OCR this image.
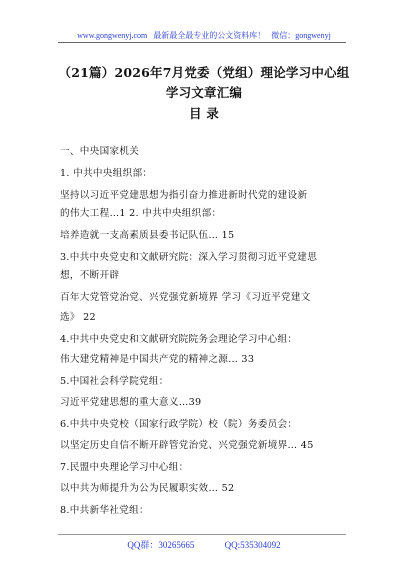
www.gongwenyj.com 最新最全最专业的公文资料库！ 微信：gongwenyj
（21篇）2026年7月党委（党组）理论学习中心组
学习文章汇编
目 录
一、中央国家机关
1. 中共中央组织部：
坚持以习近平党建思想为指引奋力推进新时代党的建设新
的伟大工程…1 2. 中共中央组织部：
培养造就一支高素质县委书记队伍… 15
3.中共中央党史和文献研究院：深入学习贯彻习近平党建思
想，不断开辟
百年大党管党治党、兴党强党新境界 学习《习近平党建文
选》 22
4.中共中央党史和文献研究院院务会理论学习中心组：
伟大建党精神是中国共产党的精神之源… 33
5.中国社会科学院党组：
习近平党建思想的重大意义…39
6.中共中央党校（国家行政学院）校（院）务委员会：
以坚定历史自信不断开辟管党治党、兴党强党新境界… 45
7.民盟中央理论学习中心组：
以中共为师提升为公为民履职实效… 52
8.中共新华社党组：
QQ群：30265665	QQ:535304092
